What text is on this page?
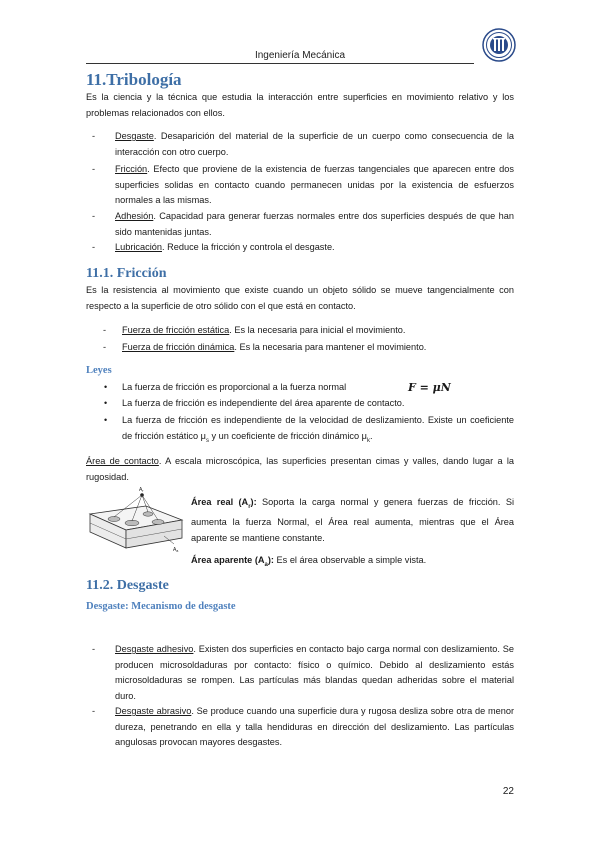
Ingeniería Mecánica
11.Tribología
Es la ciencia y la técnica que estudia la interacción entre superficies en movimiento relativo y los problemas relacionados con ellos.
- Desgaste. Desaparición del material de la superficie de un cuerpo como consecuencia de la interacción con otro cuerpo.
- Fricción. Efecto que proviene de la existencia de fuerzas tangenciales que aparecen entre dos superficies solidas en contacto cuando permanecen unidas por la existencia de esfuerzos normales a las mismas.
- Adhesión. Capacidad para generar fuerzas normales entre dos superficies después de que han sido mantenidas juntas.
- Lubricación. Reduce la fricción y controla el desgaste.
11.1. Fricción
Es la resistencia al movimiento que existe cuando un objeto sólido se mueve tangencialmente con respecto a la superficie de otro sólido con el que está en contacto.
- Fuerza de fricción estática. Es la necesaria para inicial el movimiento.
- Fuerza de fricción dinámica. Es la necesaria para mantener el movimiento.
Leyes
• La fuerza de fricción es proporcional a la fuerza normal	F = μN
• La fuerza de fricción es independiente del área aparente de contacto.
• La fuerza de fricción es independiente de la velocidad de deslizamiento. Existe un coeficiente de fricción estático $\mu_s$ y un coeficiente de fricción dinámico $\mu_k$.
Área de contacto. A escala microscópica, las superficies presentan cimas y valles, dando lugar a la rugosidad.
$A_r$
$A_a$
Área real $(A_r)$: Soporta la carga normal y genera fuerzas de fricción. Si aumenta la fuerza Normal, el Área real aumenta, mientras que el Área aparente se mantiene constante.
Área aparente $(A_a)$: Es el área observable a simple vista.
11.2. Desgaste
Desgaste: Mecanismo de desgaste
- Desgaste adhesivo. Existen dos superficies en contacto bajo carga normal con deslizamiento. Se producen microsoldaduras por contacto: físico o químico. Debido al deslizamiento estás microsoldaduras se rompen. Las partículas más blandas quedan adheridas sobre el material duro.
- Desgaste abrasivo. Se produce cuando una superficie dura y rugosa desliza sobre otra de menor dureza, penetrando en ella y talla hendiduras en dirección del deslizamiento. Las partículas angulosas provocan mayores desgastes.
22
